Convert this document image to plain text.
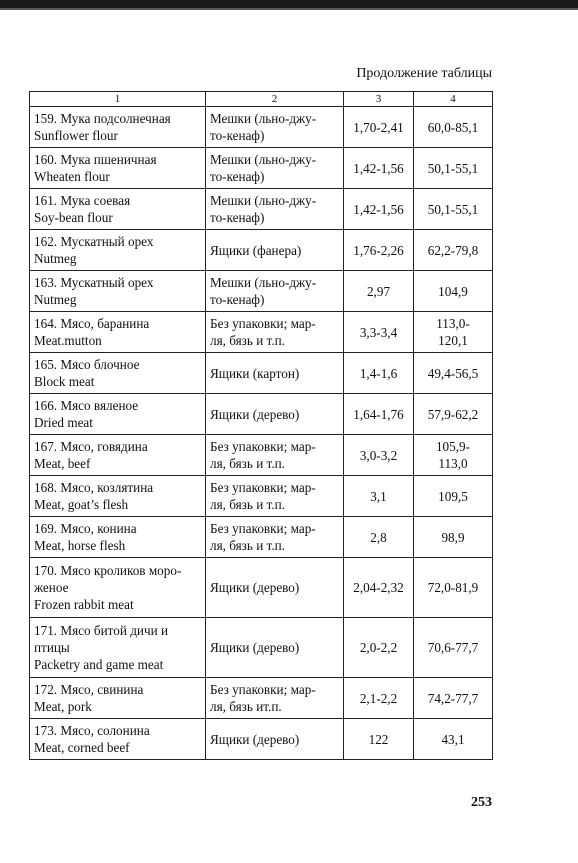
Продолжение таблицы
1	2	3	4

159. Мука подсолнечная
Sunflower flour	Мешки (льно-джу-
то-кенаф)	1,70-2,41	60,0-85,1

160. Мука пшеничная
Wheaten flour	Мешки (льно-джу-
то-кенаф)	1,42-1,56	50,1-55,1

161. Мука соевая
Soy-bean flour	Мешки (льно-джу-
то-кенаф)	1,42-1,56	50,1-55,1

162. Мускатный орех
Nutmeg	Ящики (фанера)	1,76-2,26	62,2-79,8

163. Мускатный орех
Nutmeg	Мешки (льно-джу-
то-кенаф)	2,97	104,9

164. Мясо, баранина
Meat.mutton	Без упаковки; мар-
ля, бязь и т.п.	3,3-3,4	113,0-
120,1

165. Мясо блочное
Block meat	Ящики (картон)	1,4-1,6	49,4-56,5

166. Мясо вяленое
Dried meat	Ящики (дерево)	1,64-1,76	57,9-62,2

167. Мясо, говядина
Meat, beef	Без упаковки; мар-
ля, бязь и т.п.	3,0-3,2	105,9-
113,0

168. Мясо, козлятина
Meat, goat’s flesh	Без упаковки; мар-
ля, бязь и т.п.	3,1	109,5

169. Мясо, конина
Meat, horse flesh	Без упаковки; мар-
ля, бязь и т.п.	2,8	98,9

170. Мясо кроликов моро-
женое
Frozen rabbit meat	Ящики (дерево)	2,04-2,32	72,0-81,9

171. Мясо битой дичи и
птицы
Packetry and game meat	Ящики (дерево)	2,0-2,2	70,6-77,7

172. Мясо, свинина
Meat, pork	Без упаковки; мар-
ля, бязь ит.п.	2,1-2,2	74,2-77,7

173. Мясо, солонина
Meat, corned beef	Ящики (дерево)	122	43,1
253
